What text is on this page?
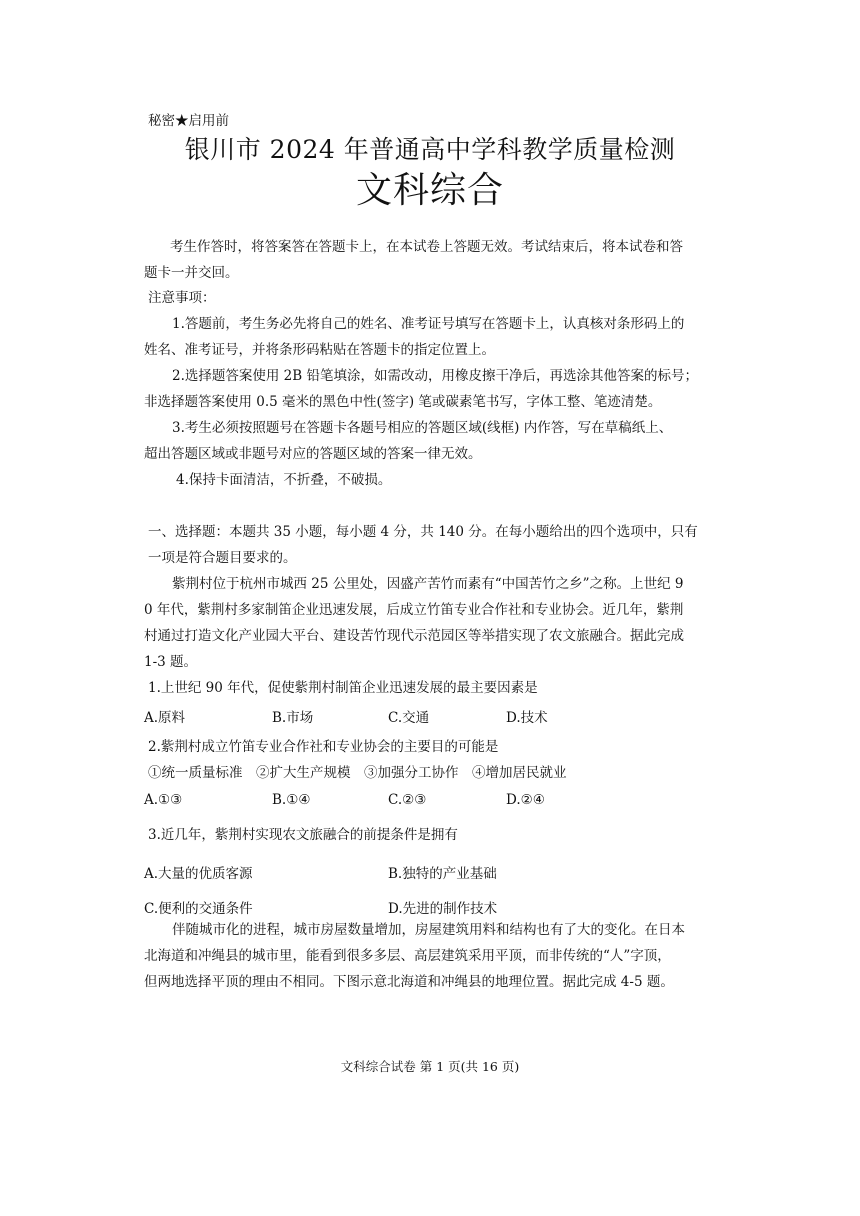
秘密★启用前

银川市 2024 年普通高中学科教学质量检测

文科综合

考生作答时，将答案答在答题卡上，在本试卷上答题无效。考试结束后，将本试卷和答

题卡一并交回。

注意事项：

1.答题前，考生务必先将自己的姓名、准考证号填写在答题卡上，认真核对条形码上的

姓名、准考证号，并将条形码粘贴在答题卡的指定位置上。

2.选择题答案使用 2B 铅笔填涂，如需改动，用橡皮擦干净后，再选涂其他答案的标号；

非选择题答案使用 0.5 毫米的黑色中性(签字) 笔或碳素笔书写，字体工整、笔迹清楚。

3.考生必须按照题号在答题卡各题号相应的答题区域(线框) 内作答，写在草稿纸上、

超出答题区域或非题号对应的答题区域的答案一律无效。

4.保持卡面清洁，不折叠，不破损。

一、选择题：本题共 35 小题，每小题 4 分，共 140 分。在每小题给出的四个选项中，只有

一项是符合题目要求的。

紫荆村位于杭州市城西 25 公里处，因盛产苦竹而素有“中国苦竹之乡”之称。上世纪 9

0 年代，紫荆村多家制笛企业迅速发展，后成立竹笛专业合作社和专业协会。近几年，紫荆

村通过打造文化产业园大平台、建设苦竹现代示范园区等举措实现了农文旅融合。据此完成

1-3 题。

1.上世纪 90 年代，促使紫荆村制笛企业迅速发展的最主要因素是

A.原料	B.市场	C.交通	D.技术

2.紫荆村成立竹笛专业合作社和专业协会的主要目的可能是

①统一质量标准　②扩大生产规模　③加强分工协作　④增加居民就业

A.①③	B.①④	C.②③	D.②④

3.近几年，紫荆村实现农文旅融合的前提条件是拥有

A.大量的优质客源	B.独特的产业基础
C.便利的交通条件	D.先进的制作技术

伴随城市化的进程，城市房屋数量增加，房屋建筑用料和结构也有了大的变化。在日本

北海道和冲绳县的城市里，能看到很多多层、高层建筑采用平顶，而非传统的“人”字顶，

但两地选择平顶的理由不相同。下图示意北海道和冲绳县的地理位置。据此完成 4-5 题。

文科综合试卷 第 1 页(共 16 页)
